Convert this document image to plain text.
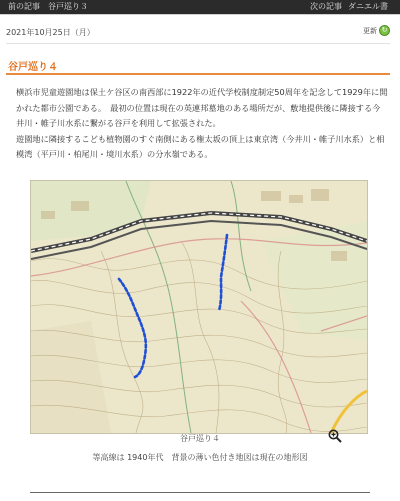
前の記事 谷戸巡り３	次の記事 ダニエル書
2021年10月25日（月）	更新 ↻
谷戸巡り４

横浜市児童遊園地は保土ケ谷区の南西部に1922年の近代学校制度制定50周年を記念して1929年に開かれた都市公園である。　最初の位置は現在の英連邦墓地のある場所だが、敷地提供後に隣接する今井川・帷子川水系に繋がる谷戸を利用して拡張された。

遊園地に隣接するこども植物園のすぐ南側にある権太坂の頂上は東京湾（今井川・帷子川水系）と相模湾（平戸川・柏尾川・境川水系）の分水嶺である。

谷戸巡り４
等高線は 1940年代　背景の薄い色付き地図は現在の地形図
